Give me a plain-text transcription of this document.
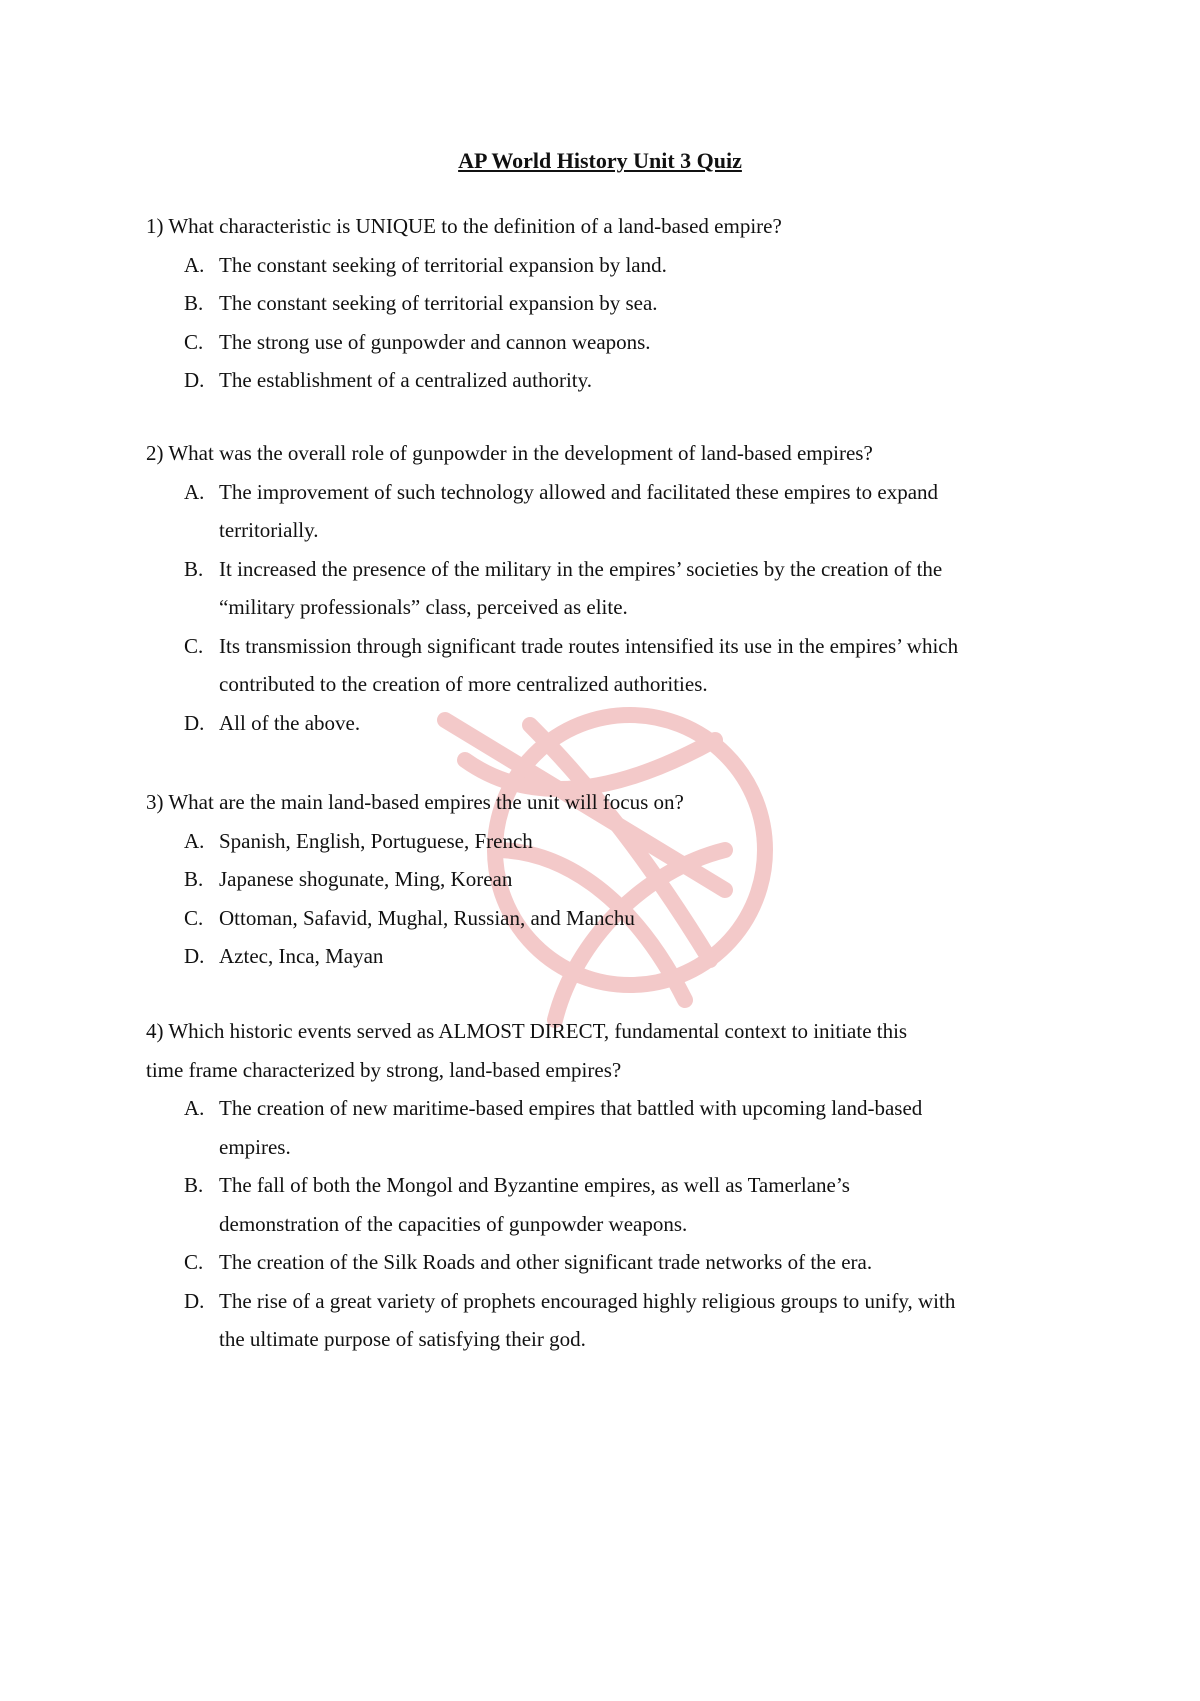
AP World History Unit 3 Quiz
1) What characteristic is UNIQUE to the definition of a land-based empire?
A. The constant seeking of territorial expansion by land.
B. The constant seeking of territorial expansion by sea.
C. The strong use of gunpowder and cannon weapons.
D. The establishment of a centralized authority.
2) What was the overall role of gunpowder in the development of land-based empires?
A. The improvement of such technology allowed and facilitated these empires to expand
territorially.
B. It increased the presence of the military in the empires’ societies by the creation of the
“military professionals” class, perceived as elite.
C. Its transmission through significant trade routes intensified its use in the empires’ which
contributed to the creation of more centralized authorities.
D. All of the above.
3) What are the main land-based empires the unit will focus on?
A. Spanish, English, Portuguese, French
B. Japanese shogunate, Ming, Korean
C. Ottoman, Safavid, Mughal, Russian, and Manchu
D. Aztec, Inca, Mayan
4) Which historic events served as ALMOST DIRECT, fundamental context to initiate this
time frame characterized by strong, land-based empires?
A. The creation of new maritime-based empires that battled with upcoming land-based
empires.
B. The fall of both the Mongol and Byzantine empires, as well as Tamerlane’s
demonstration of the capacities of gunpowder weapons.
C. The creation of the Silk Roads and other significant trade networks of the era.
D. The rise of a great variety of prophets encouraged highly religious groups to unify, with
the ultimate purpose of satisfying their god.
